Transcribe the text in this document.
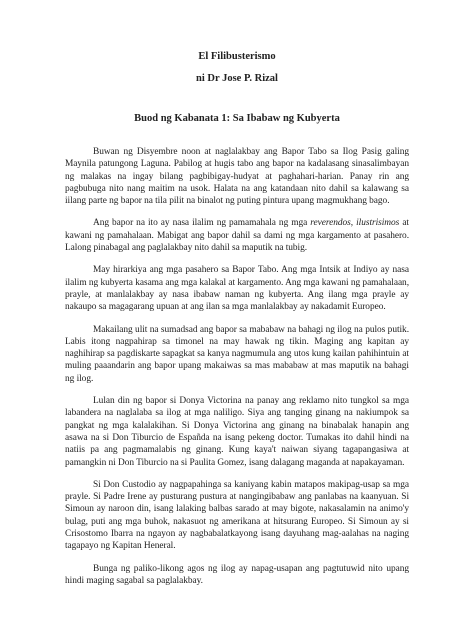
El Filibusterismo

ni Dr Jose P. Rizal

Buod ng Kabanata 1: Sa Ibabaw ng Kubyerta

Buwan ng Disyembre noon at naglalakbay ang Bapor Tabo sa Ilog Pasig galing Maynila patungong Laguna. Pabilog at hugis tabo ang bapor na kadalasang sinasalimbayan ng malakas na ingay bilang pagbibigay-hudyat at paghahari-harian. Panay rin ang pagbubuga nito nang maitim na usok. Halata na ang katandaan nito dahil sa kalawang sa iilang parte ng bapor na tila pilit na binalot ng puting pintura upang magmukhang bago.

Ang bapor na ito ay nasa ilalim ng pamamahala ng mga reverendos, ilustrisimos at kawani ng pamahalaan. Mabigat ang bapor dahil sa dami ng mga kargamento at pasahero. Lalong pinabagal ang paglalakbay nito dahil sa maputik na tubig.

May hirarkiya ang mga pasahero sa Bapor Tabo. Ang mga Intsik at Indiyo ay nasa ilalim ng kubyerta kasama ang mga kalakal at kargamento. Ang mga kawani ng pamahalaan, prayle, at manlalakbay ay nasa ibabaw naman ng kubyerta. Ang ilang mga prayle ay nakaupo sa magagarang upuan at ang ilan sa mga manlalakbay ay nakadamit Europeo.

Makailang ulit na sumadsad ang bapor sa mababaw na bahagi ng ilog na pulos putik. Labis itong nagpahirap sa timonel na may hawak ng tikin. Maging ang kapitan ay naghihirap sa pagdiskarte sapagkat sa kanya nagmumula ang utos kung kailan pahihintuin at muling paaandarin ang bapor upang makaiwas sa mas mababaw at mas maputik na bahagi ng ilog.

Lulan din ng bapor si Donya Victorina na panay ang reklamo nito tungkol sa mga labandera na naglalaba sa ilog at mga naliligo. Siya ang tanging ginang na nakiumpok sa pangkat ng mga kalalakihan. Si Donya Victorina ang ginang na binabalak hanapin ang asawa na si Don Tiburcio de Españda na isang pekeng doctor. Tumakas ito dahil hindi na natiis pa ang pagmamalabis ng ginang. Kung kaya't naiwan siyang tagapangasiwa at pamangkin ni Don Tiburcio na si Paulita Gomez, isang dalagang maganda at napakayaman.

Si Don Custodio ay nagpapahinga sa kaniyang kabin matapos makipag-usap sa mga prayle. Si Padre Irene ay pusturang pustura at nangingibabaw ang panlabas na kaanyuan. Si Simoun ay naroon din, isang lalaking balbas sarado at may bigote, nakasalamin na animo'y bulag, puti ang mga buhok, nakasuot ng amerikana at hitsurang Europeo. Si Simoun ay si Crisostomo Ibarra na ngayon ay nagbabalatkayong isang dayuhang mag-aalahas na naging tagapayo ng Kapitan Heneral.

Bunga ng paliko-likong agos ng ilog ay napag-usapan ang pagtutuwid nito upang hindi maging sagabal sa paglalakbay.
